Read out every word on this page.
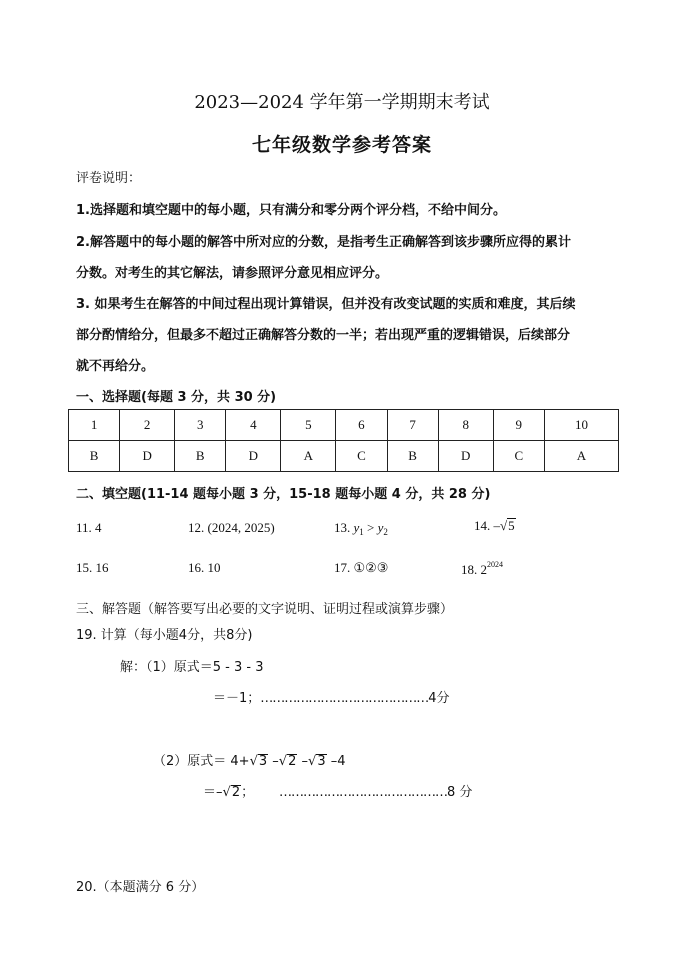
2023—2024 学年第一学期期末考试
七年级数学参考答案
评卷说明：
1.选择题和填空题中的每小题，只有满分和零分两个评分档，不给中间分。
2.解答题中的每小题的解答中所对应的分数，是指考生正确解答到该步骤所应得的累计
分数。对考生的其它解法，请参照评分意见相应评分。
3. 如果考生在解答的中间过程出现计算错误，但并没有改变试题的实质和难度，其后续
部分酌情给分，但最多不超过正确解答分数的一半；若出现严重的逻辑错误，后续部分
就不再给分。
一、选择题(每题 3 分，共 30 分)
1	2	3	4	5	6	7	8	9	10
B	D	B	D	A	C	B	D	C	A
二、填空题(11-14 题每小题 3 分，15-18 题每小题 4 分，共 28 分)
11. 4	12. (2024, 2025)	13. $y_1 > y_2$	14. –√5
15. 16	16. 10	17. ①②③	18. $2^{2024}$
三、解答题（解答要写出必要的文字说明、证明过程或演算步骤）
19. 计算（每小题4分，共8分)
解：（1）原式＝5 - 3 - 3
＝－1；……………………………………4分
（2）原式＝ 4+√3 –√2 –√3 –4
＝–√2； ……………………………………8 分
20.（本题满分 6 分）
